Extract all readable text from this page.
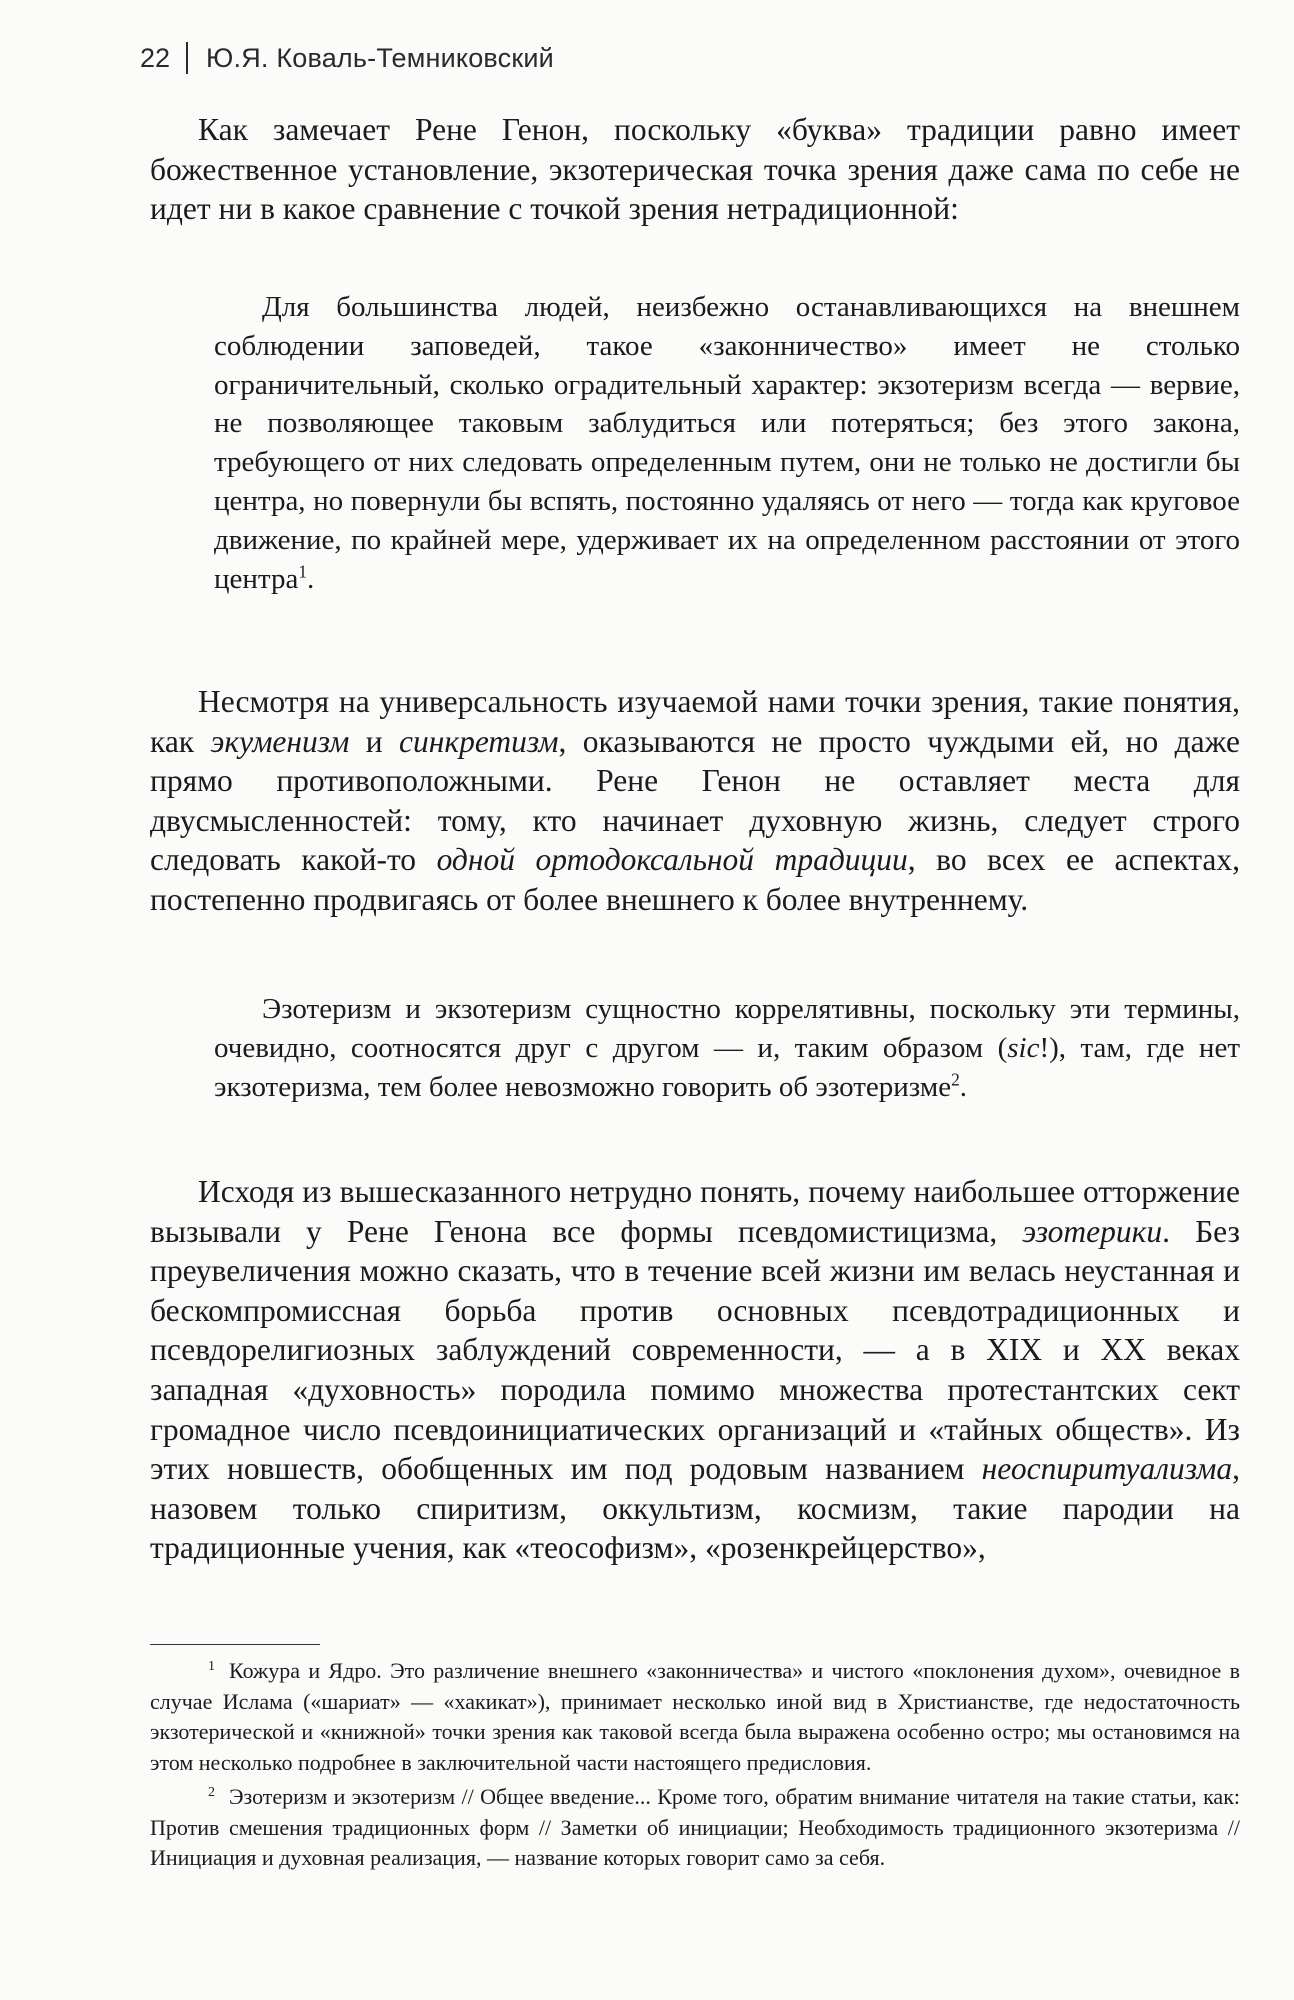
22 Ю.Я. Коваль-Темниковский

Как замечает Рене Генон, поскольку «буква» традиции равно имеет божественное установление, экзотерическая точка зрения даже сама по себе не идет ни в какое сравнение с точкой зрения нетрадиционной:

Для большинства людей, неизбежно останавливающихся на внешнем соблюдении заповедей, такое «законничество» имеет не столько ограничительный, сколько оградительный характер: экзотеризм всегда — вервие, не позволяющее таковым заблудиться или потеряться; без этого закона, требующего от них следовать определенным путем, они не только не достигли бы центра, но повернули бы вспять, постоянно удаляясь от него — тогда как круговое движение, по крайней мере, удерживает их на определенном расстоянии от этого центра$^1$.

Несмотря на универсальность изучаемой нами точки зрения, такие понятия, как экуменизм и синкретизм, оказываются не просто чуждыми ей, но даже прямо противоположными. Рене Генон не оставляет места для двусмысленностей: тому, кто начинает духовную жизнь, следует строго следовать какой-то одной ортодоксальной традиции, во всех ее аспектах, постепенно продвигаясь от более внешнего к более внутреннему.

Эзотеризм и экзотеризм сущностно коррелятивны, поскольку эти термины, очевидно, соотносятся друг с другом — и, таким образом (sic!), там, где нет экзотеризма, тем более невозможно говорить об эзотеризме$^2$.

Исходя из вышесказанного нетрудно понять, почему наибольшее отторжение вызывали у Рене Генона все формы псевдомистицизма, эзотерики. Без преувеличения можно сказать, что в течение всей жизни им велась неустанная и бескомпромиссная борьба против основных псевдотрадиционных и псевдорелигиозных заблуждений современности, — а в XIX и XX веках западная «духовность» породила помимо множества протестантских сект громадное число псевдоинициатических организаций и «тайных обществ». Из этих новшеств, обобщенных им под родовым названием неоспиритуализма, назовем только спиритизм, оккультизм, космизм, такие пародии на традиционные учения, как «теософизм», «розенкрейцерство»,

$^1$ Кожура и Ядро. Это различение внешнего «законничества» и чистого «поклонения духом», очевидное в случае Ислама («шариат» — «хакикат»), принимает несколько иной вид в Христианстве, где недостаточность экзотерической и «книжной» точки зрения как таковой всегда была выражена особенно остро; мы остановимся на этом несколько подробнее в заключительной части настоящего предисловия.

$^2$ Эзотеризм и экзотеризм // Общее введение... Кроме того, обратим внимание читателя на такие статьи, как: Против смешения традиционных форм // Заметки об инициации; Необходимость традиционного экзотеризма // Инициация и духовная реализация, — название которых говорит само за себя.
